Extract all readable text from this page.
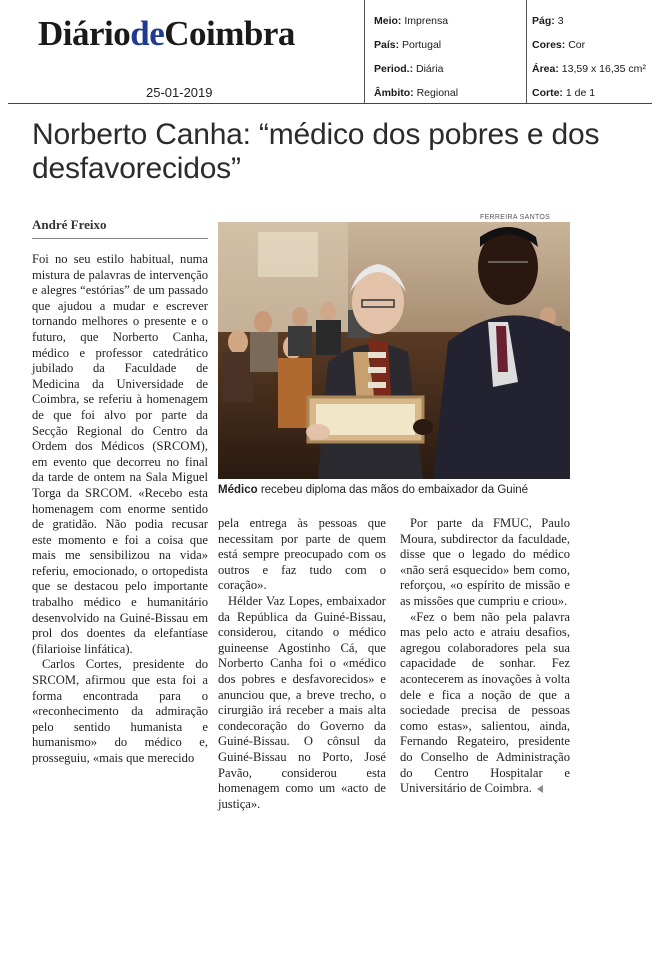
DiáriodeCoimbra
25-01-2019
Meio: Imprensa
País: Portugal
Period.: Diária
Âmbito: Regional
Pág: 3
Cores: Cor
Área: 13,59 x 16,35 cm²
Corte: 1 de 1
Norberto Canha: “médico dos pobres e dos desfavorecidos”
André Freixo	FERREIRA SANTOS
Médico recebeu diploma das mãos do embaixador da Guiné

Foi no seu estilo habitual, numa mistura de palavras de intervenção e alegres “estórias” de um passado que ajudou a mudar e escrever tornando melhores o presente e o futuro, que Norberto Canha, médico e professor catedrático jubilado da Faculdade de Medicina da Universidade de Coimbra, se referiu à homenagem de que foi alvo por parte da Secção Regional do Centro da Ordem dos Médicos (SRCOM), em evento que decorreu no final da tarde de ontem na Sala Miguel Torga da SRCOM. «Recebo esta homenagem com enorme sentido de gratidão. Não podia recusar este momento e foi a coisa que mais me sensibilizou na vida» referiu, emocionado, o ortopedista que se destacou pelo importante trabalho médico e humanitário desenvolvido na Guiné-Bissau em prol dos doentes da elefantíase (filarioise linfática).

Carlos Cortes, presidente do SRCOM, afirmou que esta foi a forma encontrada para o «reconhecimento da admiração pelo sentido humanista e humanismo» do médico e, prosseguiu, «mais que merecido

pela entrega às pessoas que necessitam por parte de quem está sempre preocupado com os outros e faz tudo com o coração».

Hélder Vaz Lopes, embaixador da República da Guiné-Bissau, considerou, citando o médico guineense Agostinho Cá, que Norberto Canha foi o «médico dos pobres e desfavorecidos» e anunciou que, a breve trecho, o cirurgião irá receber a mais alta condecoração do Governo da Guiné-Bissau. O cônsul da Guiné-Bissau no Porto, José Pavão, considerou esta homenagem como um «acto de justiça».

Por parte da FMUC, Paulo Moura, subdirector da faculdade, disse que o legado do médico «não será esquecido» bem como, reforçou, «o espírito de missão e as missões que cumpriu e criou».

«Fez o bem não pela palavra mas pelo acto e atraiu desafios, agregou colaboradores pela sua capacidade de sonhar. Fez acontecerem as inovações à volta dele e fica a noção de que a sociedade precisa de pessoas como estas», salientou, ainda, Fernando Regateiro, presidente do Conselho de Administração do Centro Hospitalar e Universitário de Coimbra.
